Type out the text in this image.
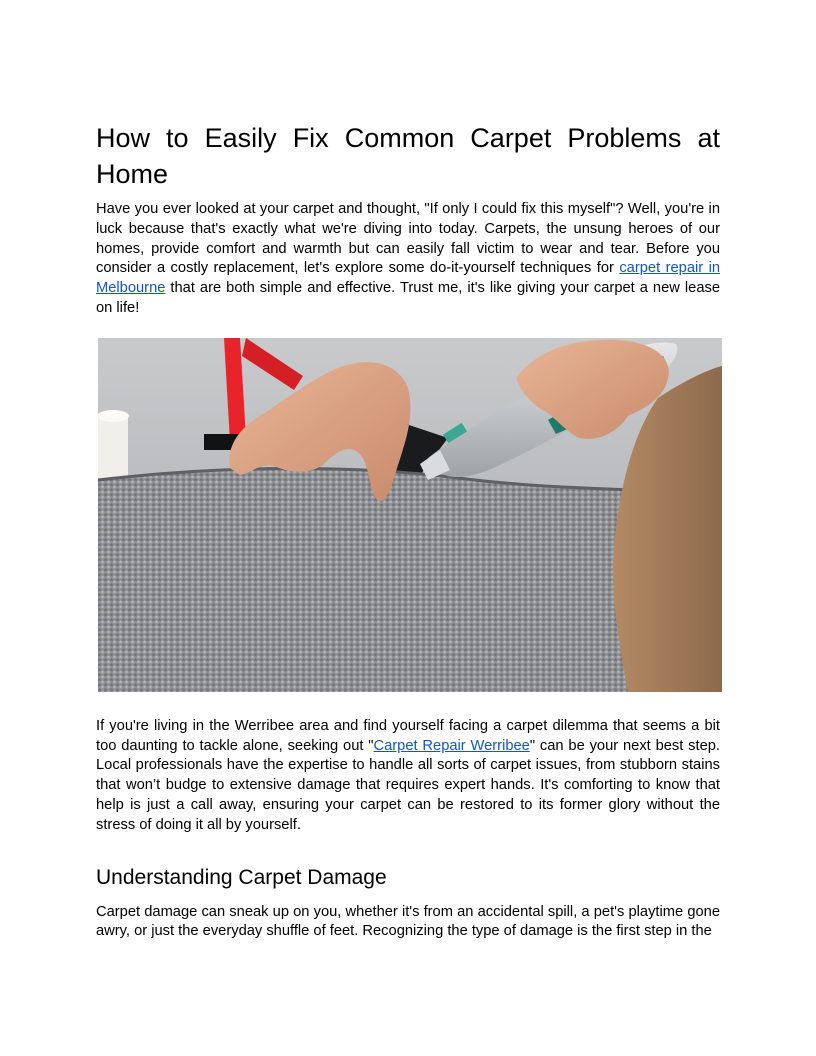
How to Easily Fix Common Carpet Problems at Home

Have you ever looked at your carpet and thought, "If only I could fix this myself"? Well, you're in luck because that's exactly what we're diving into today. Carpets, the unsung heroes of our homes, provide comfort and warmth but can easily fall victim to wear and tear. Before you consider a costly replacement, let's explore some do-it-yourself techniques for carpet repair in Melbourne that are both simple and effective. Trust me, it's like giving your carpet a new lease on life!

If you're living in the Werribee area and find yourself facing a carpet dilemma that seems a bit too daunting to tackle alone, seeking out "Carpet Repair Werribee" can be your next best step. Local professionals have the expertise to handle all sorts of carpet issues, from stubborn stains that won’t budge to extensive damage that requires expert hands. It's comforting to know that help is just a call away, ensuring your carpet can be restored to its former glory without the stress of doing it all by yourself.

Understanding Carpet Damage

Carpet damage can sneak up on you, whether it's from an accidental spill, a pet's playtime gone awry, or just the everyday shuffle of feet. Recognizing the type of damage is the first step in the
